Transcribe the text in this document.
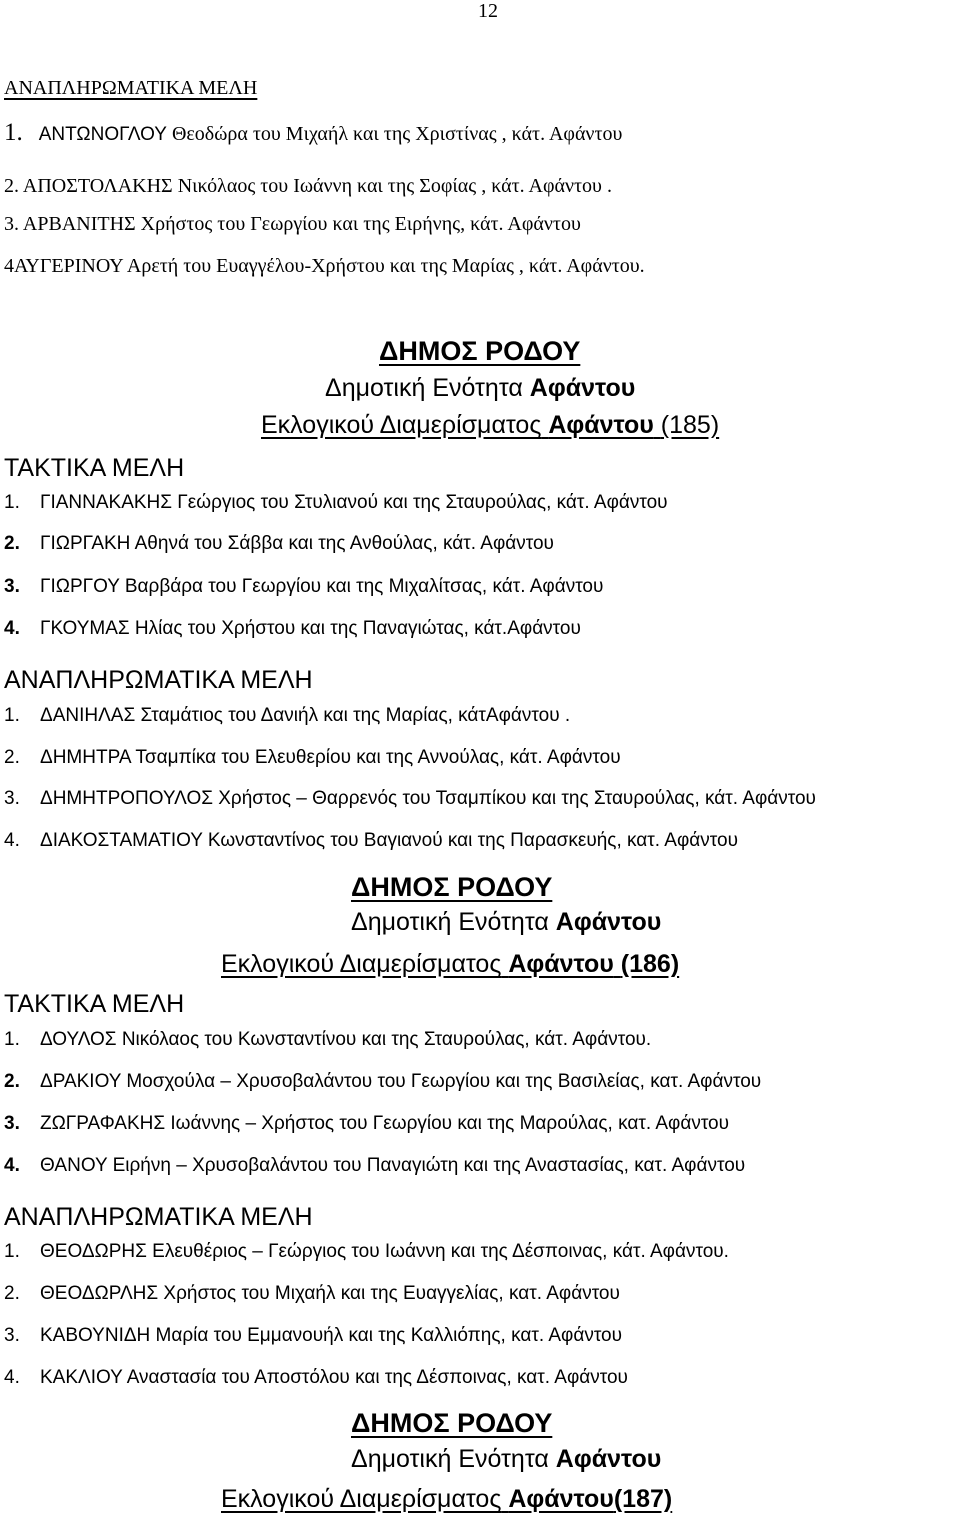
12
ΑΝΑΠΛΗΡΩΜΑΤΙΚΑ ΜΕΛΗ
1. ΑΝΤΩΝΟΓΛΟΥ Θεοδώρα του Μιχαήλ και της Χριστίνας , κάτ. Αφάντου
2. ΑΠΟΣΤΟΛΑΚΗΣ Νικόλαος του Ιωάννη και της Σοφίας , κάτ. Αφάντου .
3. ΑΡΒΑΝΙΤΗΣ Χρήστος του Γεωργίου και της Ειρήνης, κάτ. Αφάντου
4ΑΥΓΕΡΙΝΟΥ Αρετή του Ευαγγέλου-Χρήστου και της Μαρίας , κάτ. Αφάντου.
ΔΗΜΟΣ ΡΟΔΟΥ
Δημοτική Ενότητα Αφάντου
Εκλογικού Διαμερίσματος Αφάντου (185)
ΤΑΚΤΙΚΑ ΜΕΛΗ
1. ΓΙΑΝΝΑΚΑΚΗΣ Γεώργιος του Στυλιανού και της Σταυρούλας, κάτ. Αφάντου
2. ΓΙΩΡΓΑΚΗ Αθηνά του Σάββα και της Ανθούλας, κάτ. Αφάντου
3. ΓΙΩΡΓΟΥ Βαρβάρα του Γεωργίου και της Μιχαλίτσας, κάτ. Αφάντου
4. ΓΚΟΥΜΑΣ Ηλίας του Χρήστου και της Παναγιώτας, κάτ.Αφάντου
ΑΝΑΠΛΗΡΩΜΑΤΙΚΑ ΜΕΛΗ
1. ΔΑΝΙΗΛΑΣ Σταμάτιος του Δανιήλ και της Μαρίας, κάτΑφάντου .
2. ΔΗΜΗΤΡΑ Τσαμπίκα του Ελευθερίου και της Αννούλας, κάτ. Αφάντου
3. ΔΗΜΗΤΡΟΠΟΥΛΟΣ Χρήστος – Θαρρενός του Τσαμπίκου και της Σταυρούλας, κάτ. Αφάντου
4. ΔΙΑΚΟΣΤΑΜΑΤΙΟΥ Κωνσταντίνος του Βαγιανού και της Παρασκευής, κατ. Αφάντου
ΔΗΜΟΣ ΡΟΔΟΥ
Δημοτική Ενότητα Αφάντου
Εκλογικού Διαμερίσματος Αφάντου (186)
ΤΑΚΤΙΚΑ ΜΕΛΗ
1. ΔΟΥΛΟΣ Νικόλαος του Κωνσταντίνου και της Σταυρούλας, κάτ. Αφάντου.
2. ΔΡΑΚΙΟΥ Μοσχούλα – Χρυσοβαλάντου του Γεωργίου και της Βασιλείας, κατ. Αφάντου
3. ΖΩΓΡΑΦΑΚΗΣ Ιωάννης – Χρήστος του Γεωργίου και της Μαρούλας, κατ. Αφάντου
4. ΘΑΝΟΥ Ειρήνη – Χρυσοβαλάντου του Παναγιώτη και της Αναστασίας, κατ. Αφάντου
ΑΝΑΠΛΗΡΩΜΑΤΙΚΑ ΜΕΛΗ
1. ΘΕΟΔΩΡΗΣ Ελευθέριος – Γεώργιος του Ιωάννη και της Δέσποινας, κάτ. Αφάντου.
2. ΘΕΟΔΩΡΛΗΣ Χρήστος του Μιχαήλ και της Ευαγγελίας, κατ. Αφάντου
3. ΚΑΒΟΥΝΙΔΗ Μαρία του Εμμανουήλ και της Καλλιόπης, κατ. Αφάντου
4. ΚΑΚΛΙΟΥ Αναστασία του Αποστόλου και της Δέσποινας, κατ. Αφάντου
ΔΗΜΟΣ ΡΟΔΟΥ
Δημοτική Ενότητα Αφάντου
Εκλογικού Διαμερίσματος Αφάντου(187)
